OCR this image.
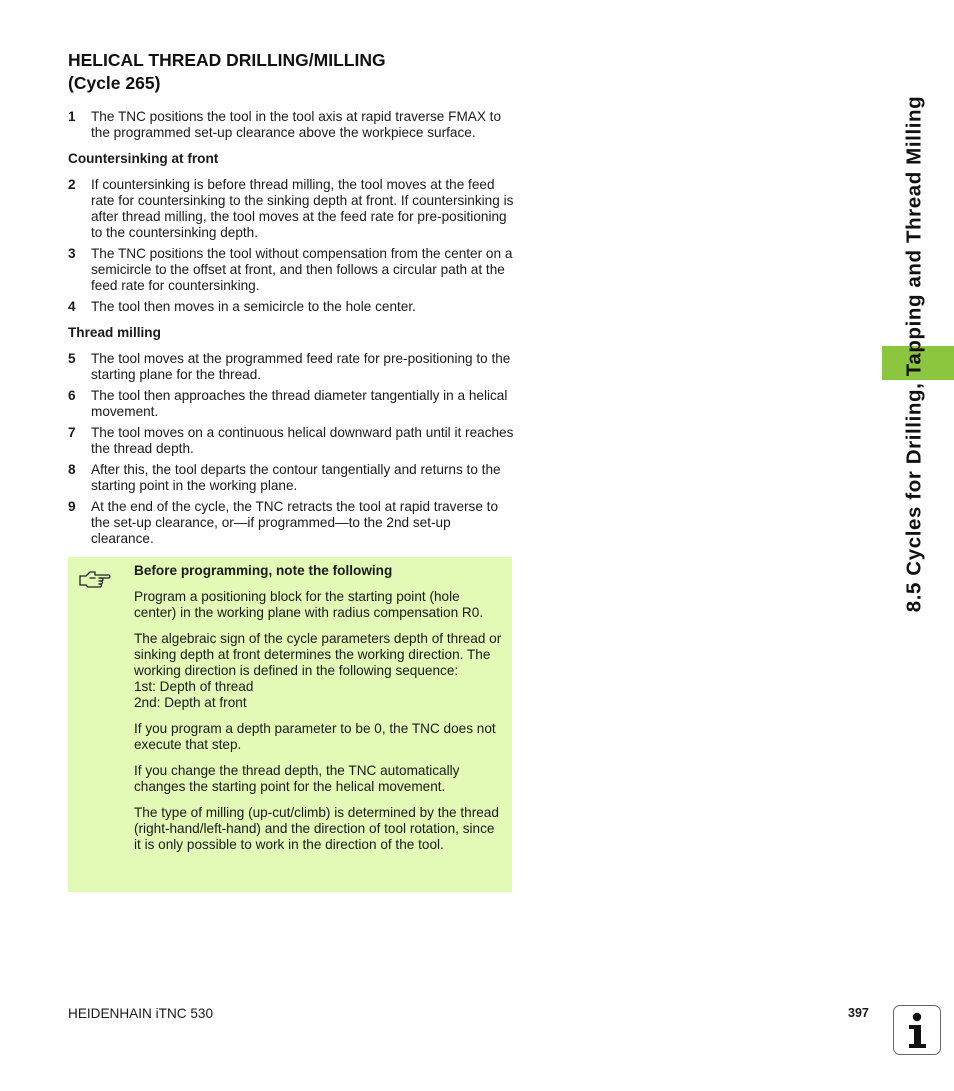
HELICAL THREAD DRILLING/MILLING
(Cycle 265)
1 The TNC positions the tool in the tool axis at rapid traverse FMAX to the programmed set-up clearance above the workpiece surface.
Countersinking at front
2 If countersinking is before thread milling, the tool moves at the feed rate for countersinking to the sinking depth at front. If countersinking is after thread milling, the tool moves at the feed rate for pre-positioning to the countersinking depth.
3 The TNC positions the tool without compensation from the center on a semicircle to the offset at front, and then follows a circular path at the feed rate for countersinking.
4 The tool then moves in a semicircle to the hole center.
Thread milling
5 The tool moves at the programmed feed rate for pre-positioning to the starting plane for the thread.
6 The tool then approaches the thread diameter tangentially in a helical movement.
7 The tool moves on a continuous helical downward path until it reaches the thread depth.
8 After this, the tool departs the contour tangentially and returns to the starting point in the working plane.
9 At the end of the cycle, the TNC retracts the tool at rapid traverse to the set-up clearance, or—if programmed—to the 2nd set-up clearance.
Before programming, note the following

Program a positioning block for the starting point (hole center) in the working plane with radius compensation R0.

The algebraic sign of the cycle parameters depth of thread or sinking depth at front determines the working direction. The working direction is defined in the following sequence:
1st: Depth of thread
2nd: Depth at front

If you program a depth parameter to be 0, the TNC does not execute that step.

If you change the thread depth, the TNC automatically changes the starting point for the helical movement.

The type of milling (up-cut/climb) is determined by the thread (right-hand/left-hand) and the direction of tool rotation, since it is only possible to work in the direction of the tool.

8.5 Cycles for Drilling, Tapping and Thread Milling
HEIDENHAIN iTNC 530	397
